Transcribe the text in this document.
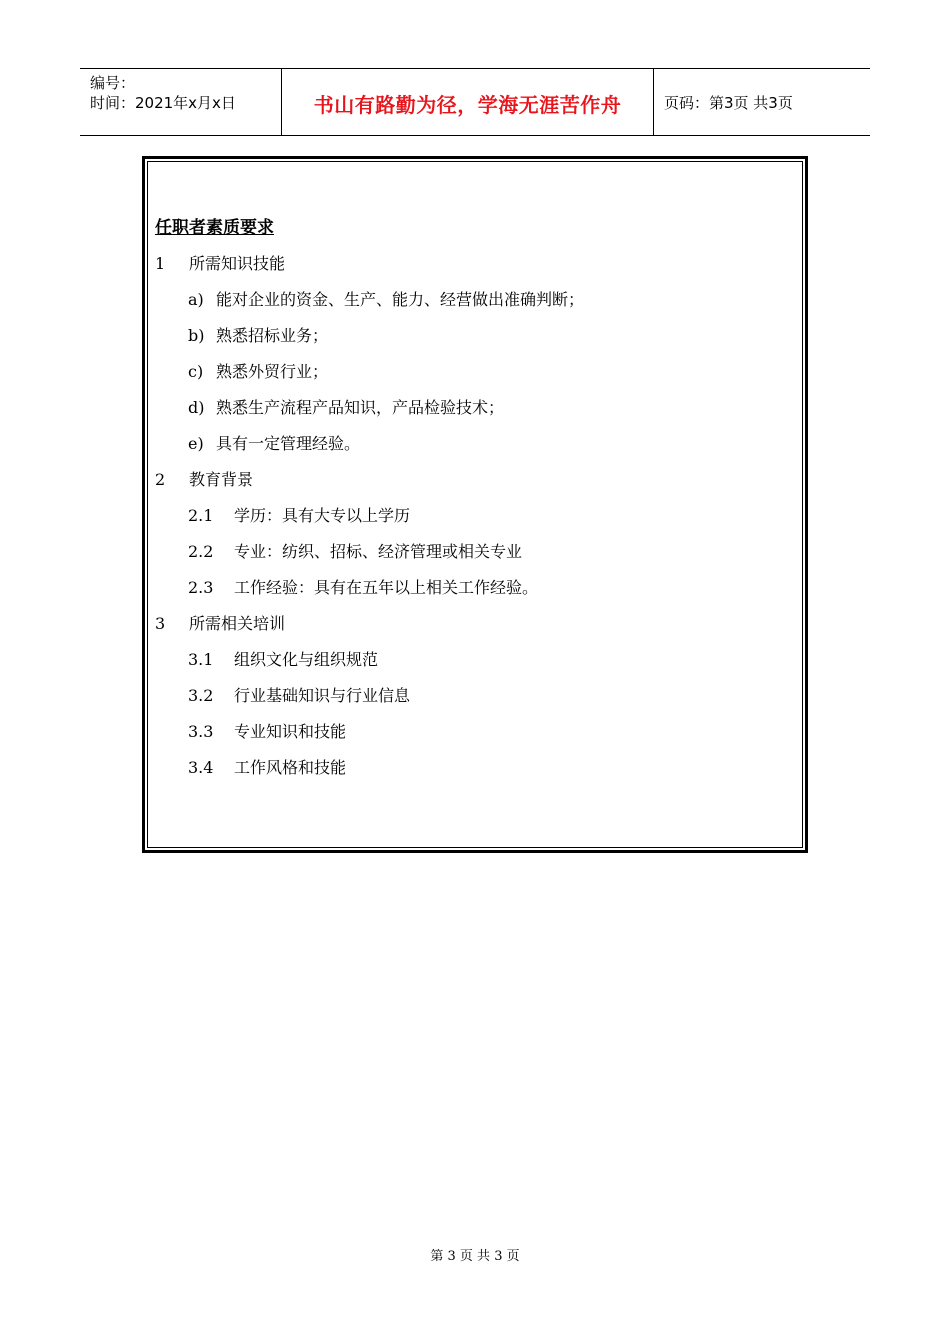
编号：
时间：2021年x月x日	书山有路勤为径，学海无涯苦作舟	页码：第3页 共3页
任职者素质要求
1 所需知识技能
a) 能对企业的资金、生产、能力、经营做出准确判断；
b) 熟悉招标业务；
c) 熟悉外贸行业；
d) 熟悉生产流程产品知识，产品检验技术；
e) 具有一定管理经验。
2 教育背景
2.1 学历：具有大专以上学历
2.2 专业：纺织、招标、经济管理或相关专业
2.3 工作经验：具有在五年以上相关工作经验。
3 所需相关培训
3.1 组织文化与组织规范
3.2 行业基础知识与行业信息
3.3 专业知识和技能
3.4 工作风格和技能
第 3 页 共 3 页
